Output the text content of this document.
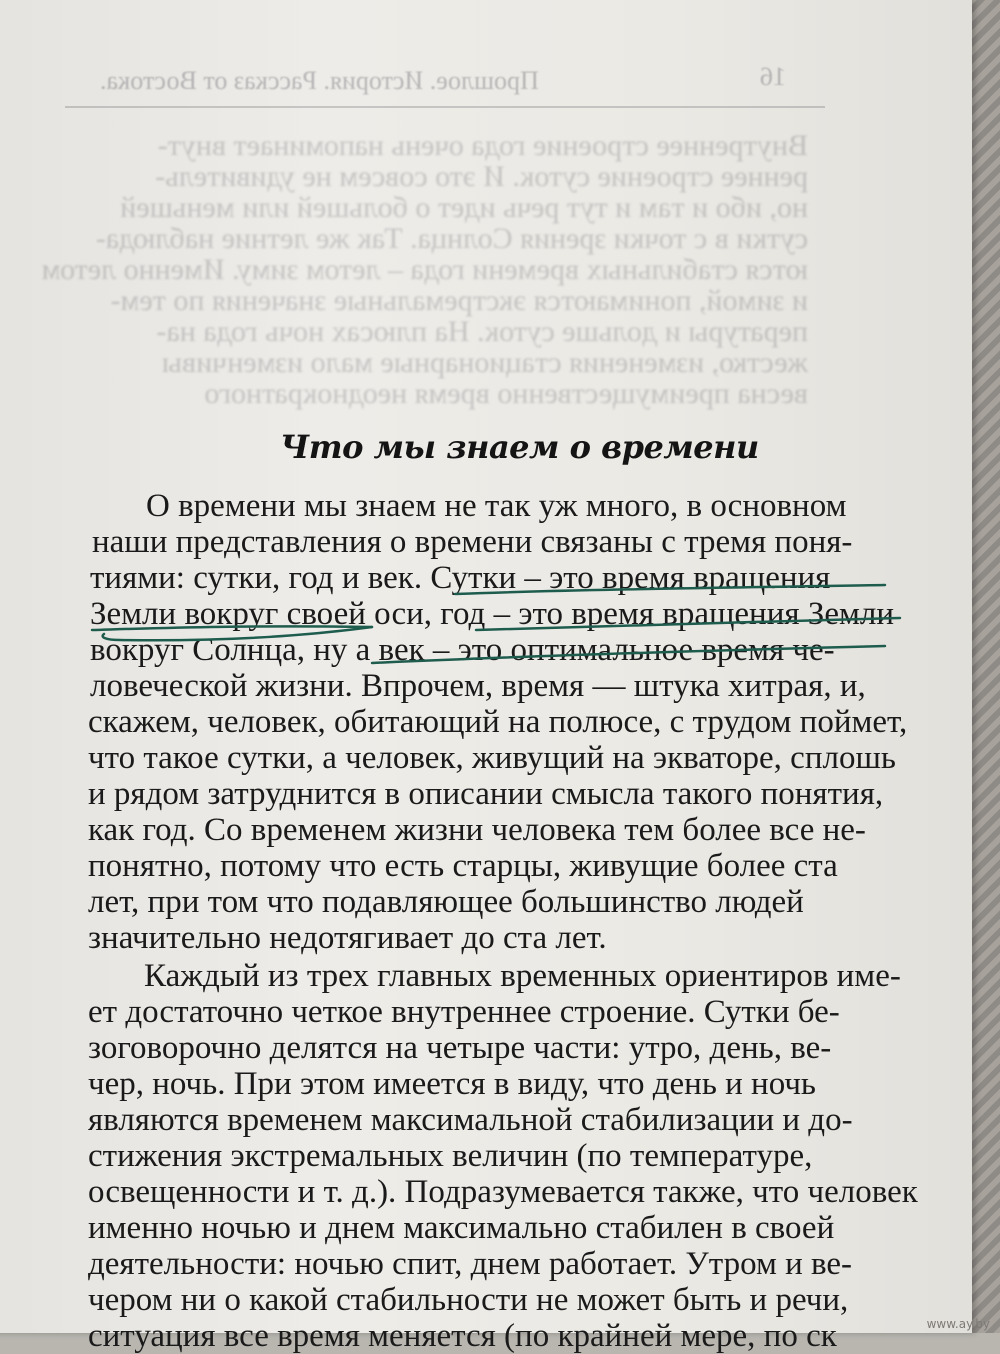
Прошлое. История. Рассказ от Востока.	16

Внутреннее строение года очень напоминает внут-

реннее строение суток. И это совсем не удивитель-

но, ибо и там и тут речь идет о большей или меньшей

сутки в с точки зрения Солнца. Так же летние наблюда-

ются стабильных времени года – летом зиму. Именно летом

и зимой, понимаются экстремальные значения по тем-

пературы и дольше суток. На плюсах ночь года на-

жестко, изменения стационарные мало изменчивы

весна преимущественно время неоднократного

Что мы знаем о времени
О времени мы знаем не так уж много, в основном
наши представления о времени связаны с тремя поня-
тиями: сутки, год и век. Сутки – это время вращения
Земли вокруг своей оси, год – это время вращения Земли
вокруг Солнца, ну а век – это оптимальное время че-
ловеческой жизни. Впрочем, время — штука хитрая, и,
скажем, человек, обитающий на полюсе, с трудом поймет,
что такое сутки, а человек, живущий на экваторе, сплошь
и рядом затруднится в описании смысла такого понятия,
как год. Со временем жизни человека тем более все не-
понятно, потому что есть старцы, живущие более ста
лет, при том что подавляющее большинство людей
значительно недотягивает до ста лет.
Каждый из трех главных временных ориентиров име-
ет достаточно четкое внутреннее строение. Сутки бе-
зоговорочно делятся на четыре части: утро, день, ве-
чер, ночь. При этом имеется в виду, что день и ночь
являются временем максимальной стабилизации и до-
стижения экстремальных величин (по температуре,
освещенности и т. д.). Подразумевается также, что человек
именно ночью и днем максимально стабилен в своей
деятельности: ночью спит, днем работает. Утром и ве-
чером ни о какой стабильности не может быть и речи,
ситуация все время меняется (по крайней мере, по ск	www.ay.by
